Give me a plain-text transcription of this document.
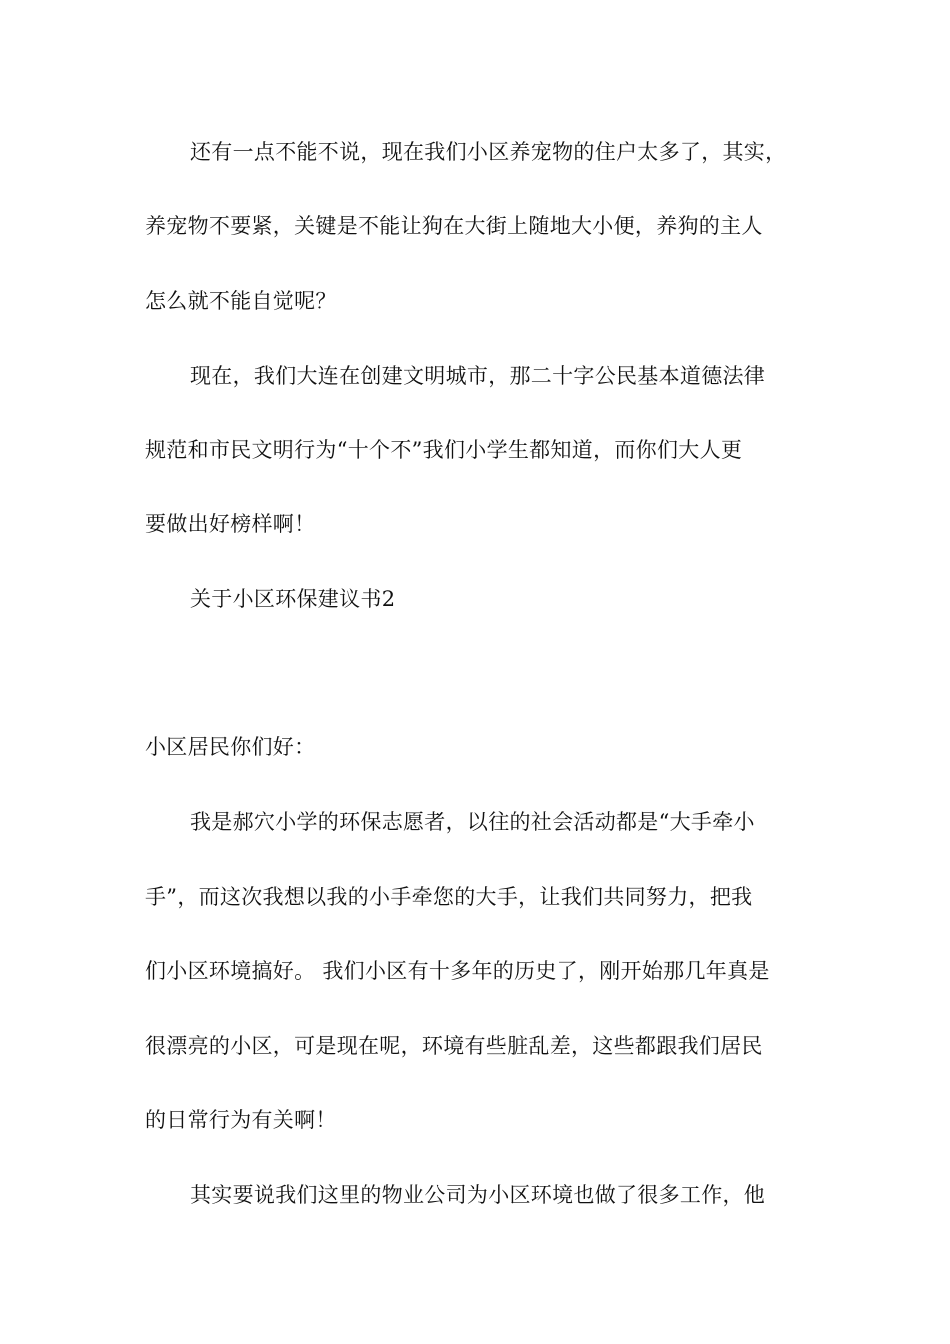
还有一点不能不说，现在我们小区养宠物的住户太多了，其实，
养宠物不要紧，关键是不能让狗在大街上随地大小便，养狗的主人
怎么就不能自觉呢？
现在，我们大连在创建文明城市，那二十字公民基本道德法律
规范和市民文明行为“十个不”我们小学生都知道，而你们大人更
要做出好榜样啊！
关于小区环保建议书2
小区居民你们好：
我是郝穴小学的环保志愿者，以往的社会活动都是“大手牵小
手”，而这次我想以我的小手牵您的大手，让我们共同努力，把我
们小区环境搞好。 我们小区有十多年的历史了，刚开始那几年真是
很漂亮的小区，可是现在呢，环境有些脏乱差，这些都跟我们居民
的日常行为有关啊！
其实要说我们这里的物业公司为小区环境也做了很多工作，他
